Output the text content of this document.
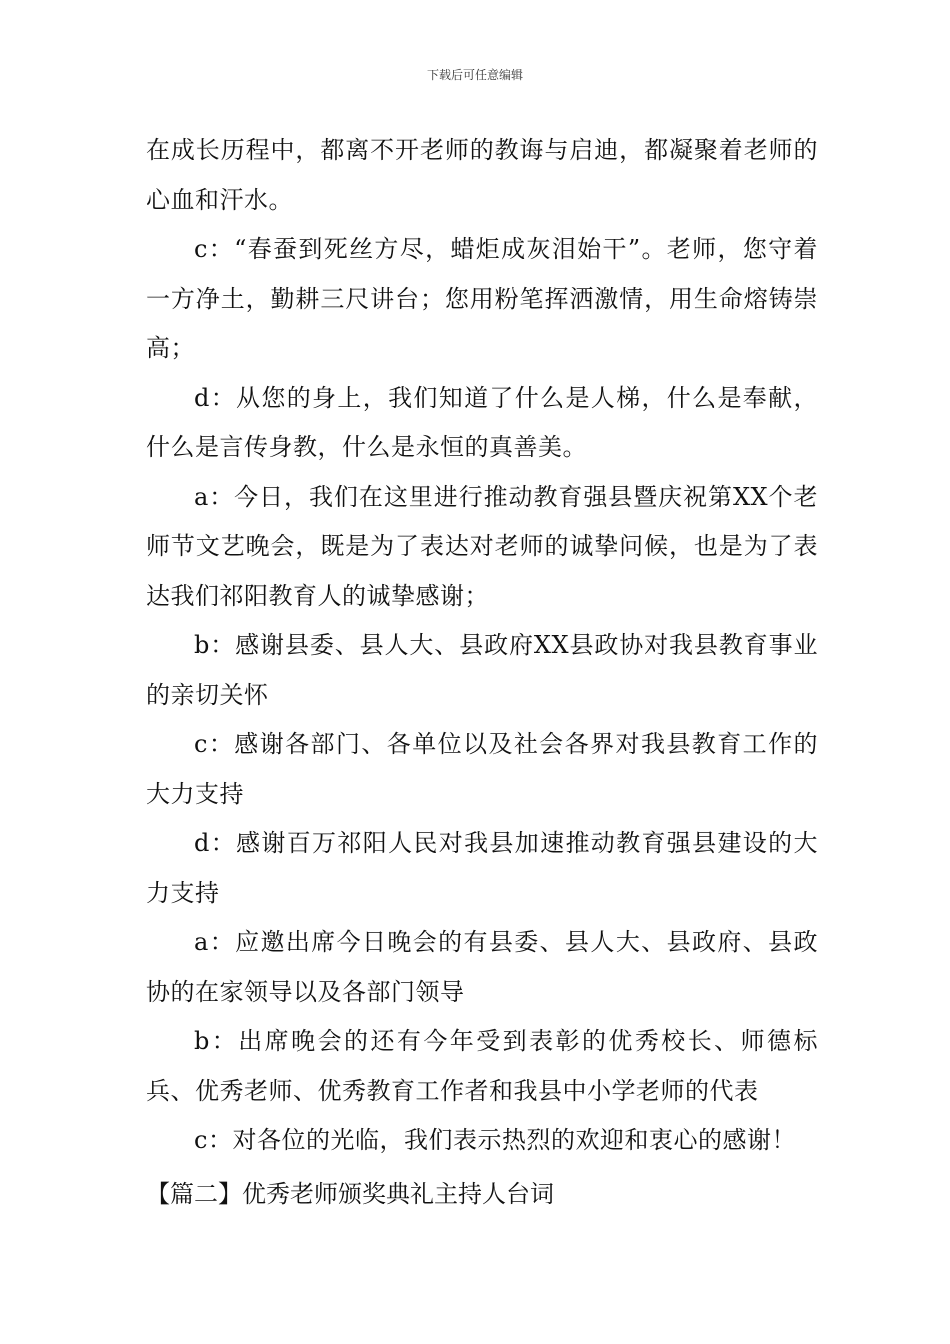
下载后可任意编辑

在成长历程中，都离不开老师的教诲与启迪，都凝聚着老师的心血和汗水。

c：“春蚕到死丝方尽，蜡炬成灰泪始干”。老师，您守着一方净土，勤耕三尺讲台；您用粉笔挥洒激情，用生命熔铸崇高；

d：从您的身上，我们知道了什么是人梯，什么是奉献，什么是言传身教，什么是永恒的真善美。

a：今日，我们在这里进行推动教育强县暨庆祝第XX个老师节文艺晚会，既是为了表达对老师的诚挚问候，也是为了表达我们祁阳教育人的诚挚感谢；

b：感谢县委、县人大、县政府XX县政协对我县教育事业的亲切关怀

c：感谢各部门、各单位以及社会各界对我县教育工作的大力支持

d：感谢百万祁阳人民对我县加速推动教育强县建设的大力支持

a：应邀出席今日晚会的有县委、县人大、县政府、县政协的在家领导以及各部门领导

b：出席晚会的还有今年受到表彰的优秀校长、师德标兵、优秀老师、优秀教育工作者和我县中小学老师的代表

c：对各位的光临，我们表示热烈的欢迎和衷心的感谢！

【篇二】优秀老师颁奖典礼主持人台词
